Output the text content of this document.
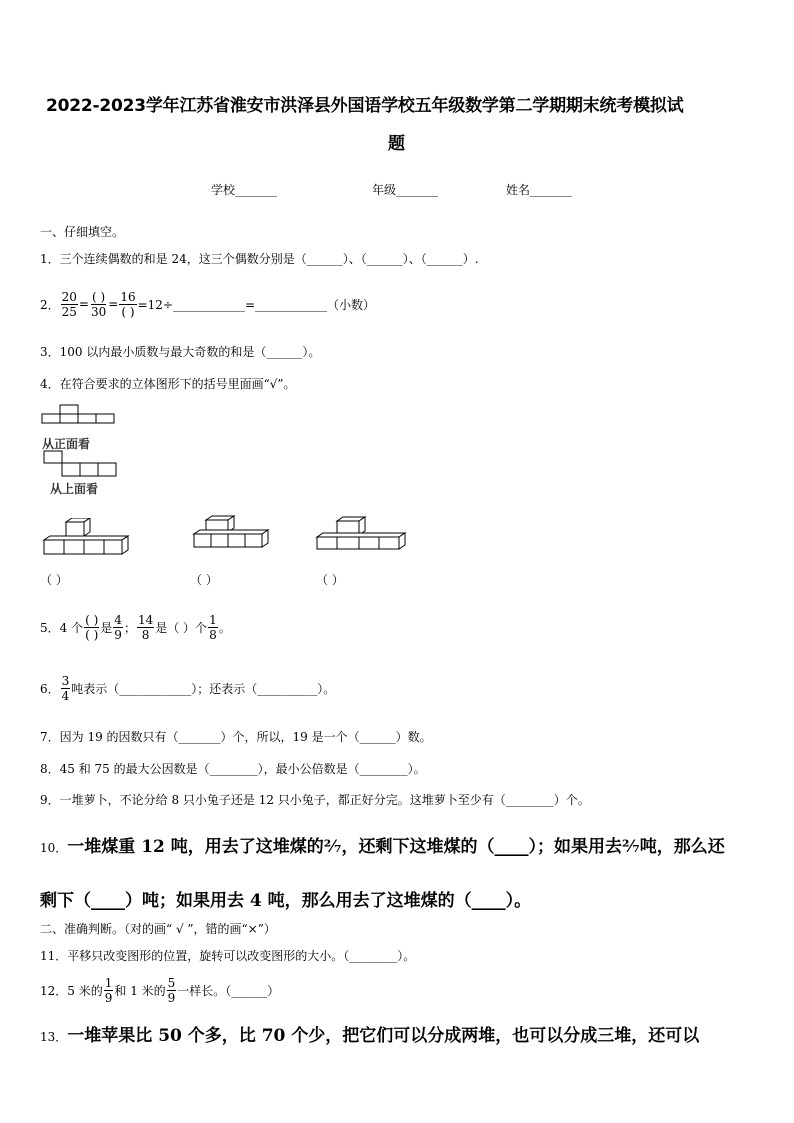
2022-2023学年江苏省淮安市洪泽县外国语学校五年级数学第二学期期末统考模拟试
题
学校_______	年级_______	姓名_______
一、仔细填空。
1．三个连续偶数的和是 24，这三个偶数分别是（______）、（______）、（______）.
2． $\frac{20}{25} = \frac{( )}{30} = \frac{16}{( )}$ =12÷____________=____________（小数）
3．100 以内最小质数与最大奇数的和是（______）。
4．在符合要求的立体图形下的括号里面画“√”。
从正面看
从上面看
（ ）	（ ）	（ ）
5． 4 个 $\frac{( )}{( )}$ 是 $\frac{4}{9}$ ； $\frac{14}{8}$ 是（ ）个 $\frac{1}{8}$ 。
6． $\frac{3}{4}$ 吨表示（____________）；还表示（__________）。
7．因为 19 的因数只有（_______）个，所以，19 是一个（______）数。
8．45 和 75 的最大公因数是（________），最小公倍数是（________）。
9．一堆萝卜，不论分给 8 只小兔子还是 12 只小兔子，都正好分完。这堆萝卜至少有（________）个。
10．一堆煤重 12 吨，用去了这堆煤的²⁄₇，还剩下这堆煤的（____）；如果用去²⁄₇吨，那么还
剩下（____）吨；如果用去 4 吨，那么用去了这堆煤的（____）。
二、准确判断。（对的画“ √ ”，错的画“×”）
11．平移只改变图形的位置，旋转可以改变图形的大小。（________）。
12． 5 米的 $\frac{1}{9}$ 和 1 米的 $\frac{5}{9}$ 一样长。（______）
13．一堆苹果比 50 个多，比 70 个少，把它们可以分成两堆，也可以分成三堆，还可以
